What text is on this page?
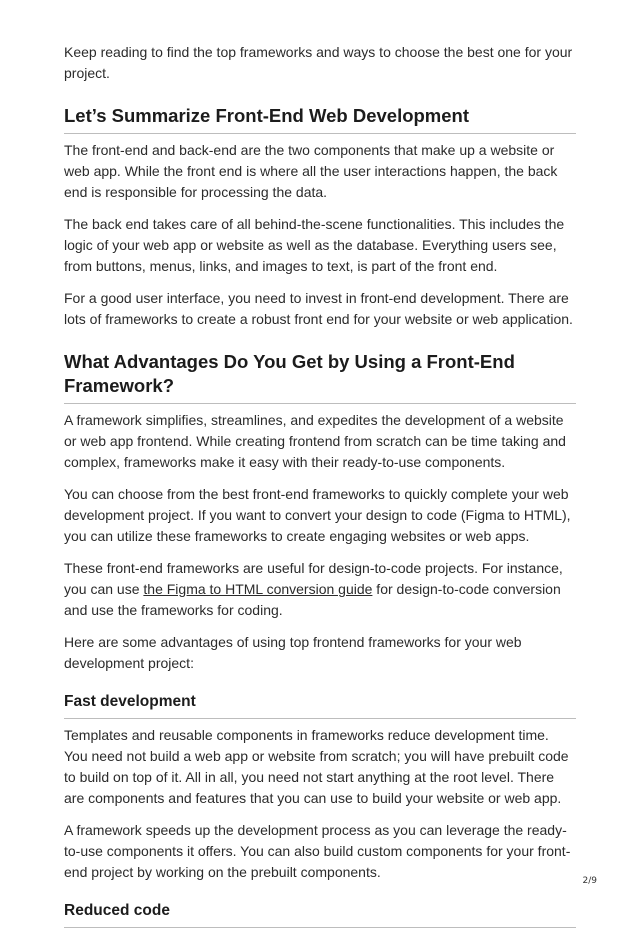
Keep reading to find the top frameworks and ways to choose the best one for your project.

Let’s Summarize Front-End Web Development

The front-end and back-end are the two components that make up a website or web app. While the front end is where all the user interactions happen, the back end is responsible for processing the data.

The back end takes care of all behind-the-scene functionalities. This includes the logic of your web app or website as well as the database. Everything users see, from buttons, menus, links, and images to text, is part of the front end.

For a good user interface, you need to invest in front-end development. There are lots of frameworks to create a robust front end for your website or web application.

What Advantages Do You Get by Using a Front-End Framework?

A framework simplifies, streamlines, and expedites the development of a website or web app frontend. While creating frontend from scratch can be time taking and complex, frameworks make it easy with their ready-to-use components.

You can choose from the best front-end frameworks to quickly complete your web development project. If you want to convert your design to code (Figma to HTML), you can utilize these frameworks to create engaging websites or web apps.

These front-end frameworks are useful for design-to-code projects. For instance, you can use the Figma to HTML conversion guide for design-to-code conversion and use the frameworks for coding.

Here are some advantages of using top frontend frameworks for your web development project:

Fast development

Templates and reusable components in frameworks reduce development time. You need not build a web app or website from scratch; you will have prebuilt code to build on top of it. All in all, you need not start anything at the root level. There are components and features that you can use to build your website or web app.

A framework speeds up the development process as you can leverage the ready-to-use components it offers. You can also build custom components for your front-end project by working on the prebuilt components.

Reduced code
2/9
